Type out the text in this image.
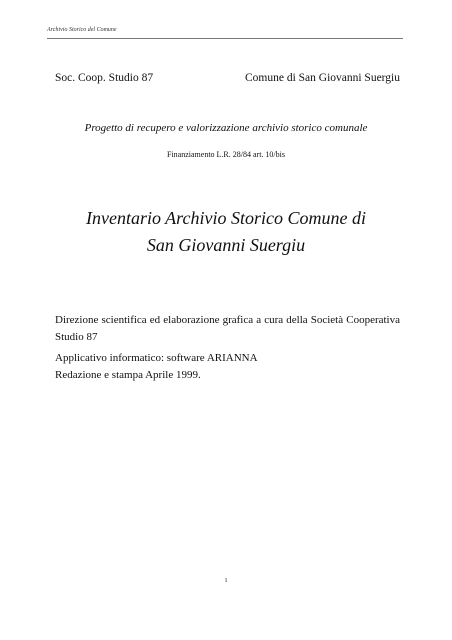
Archivio Storico del Comune
Soc. Coop. Studio 87	Comune di San Giovanni Suergiu
Progetto di recupero e valorizzazione archivio storico comunale
Finanziamento L.R. 28/84 art. 10/bis
Inventario Archivio Storico Comune di
San Giovanni Suergiu

Direzione scientifica ed elaborazione grafica a cura della Società Cooperativa Studio 87

Applicativo informatico: software ARIANNA

Redazione e stampa Aprile 1999.

1
